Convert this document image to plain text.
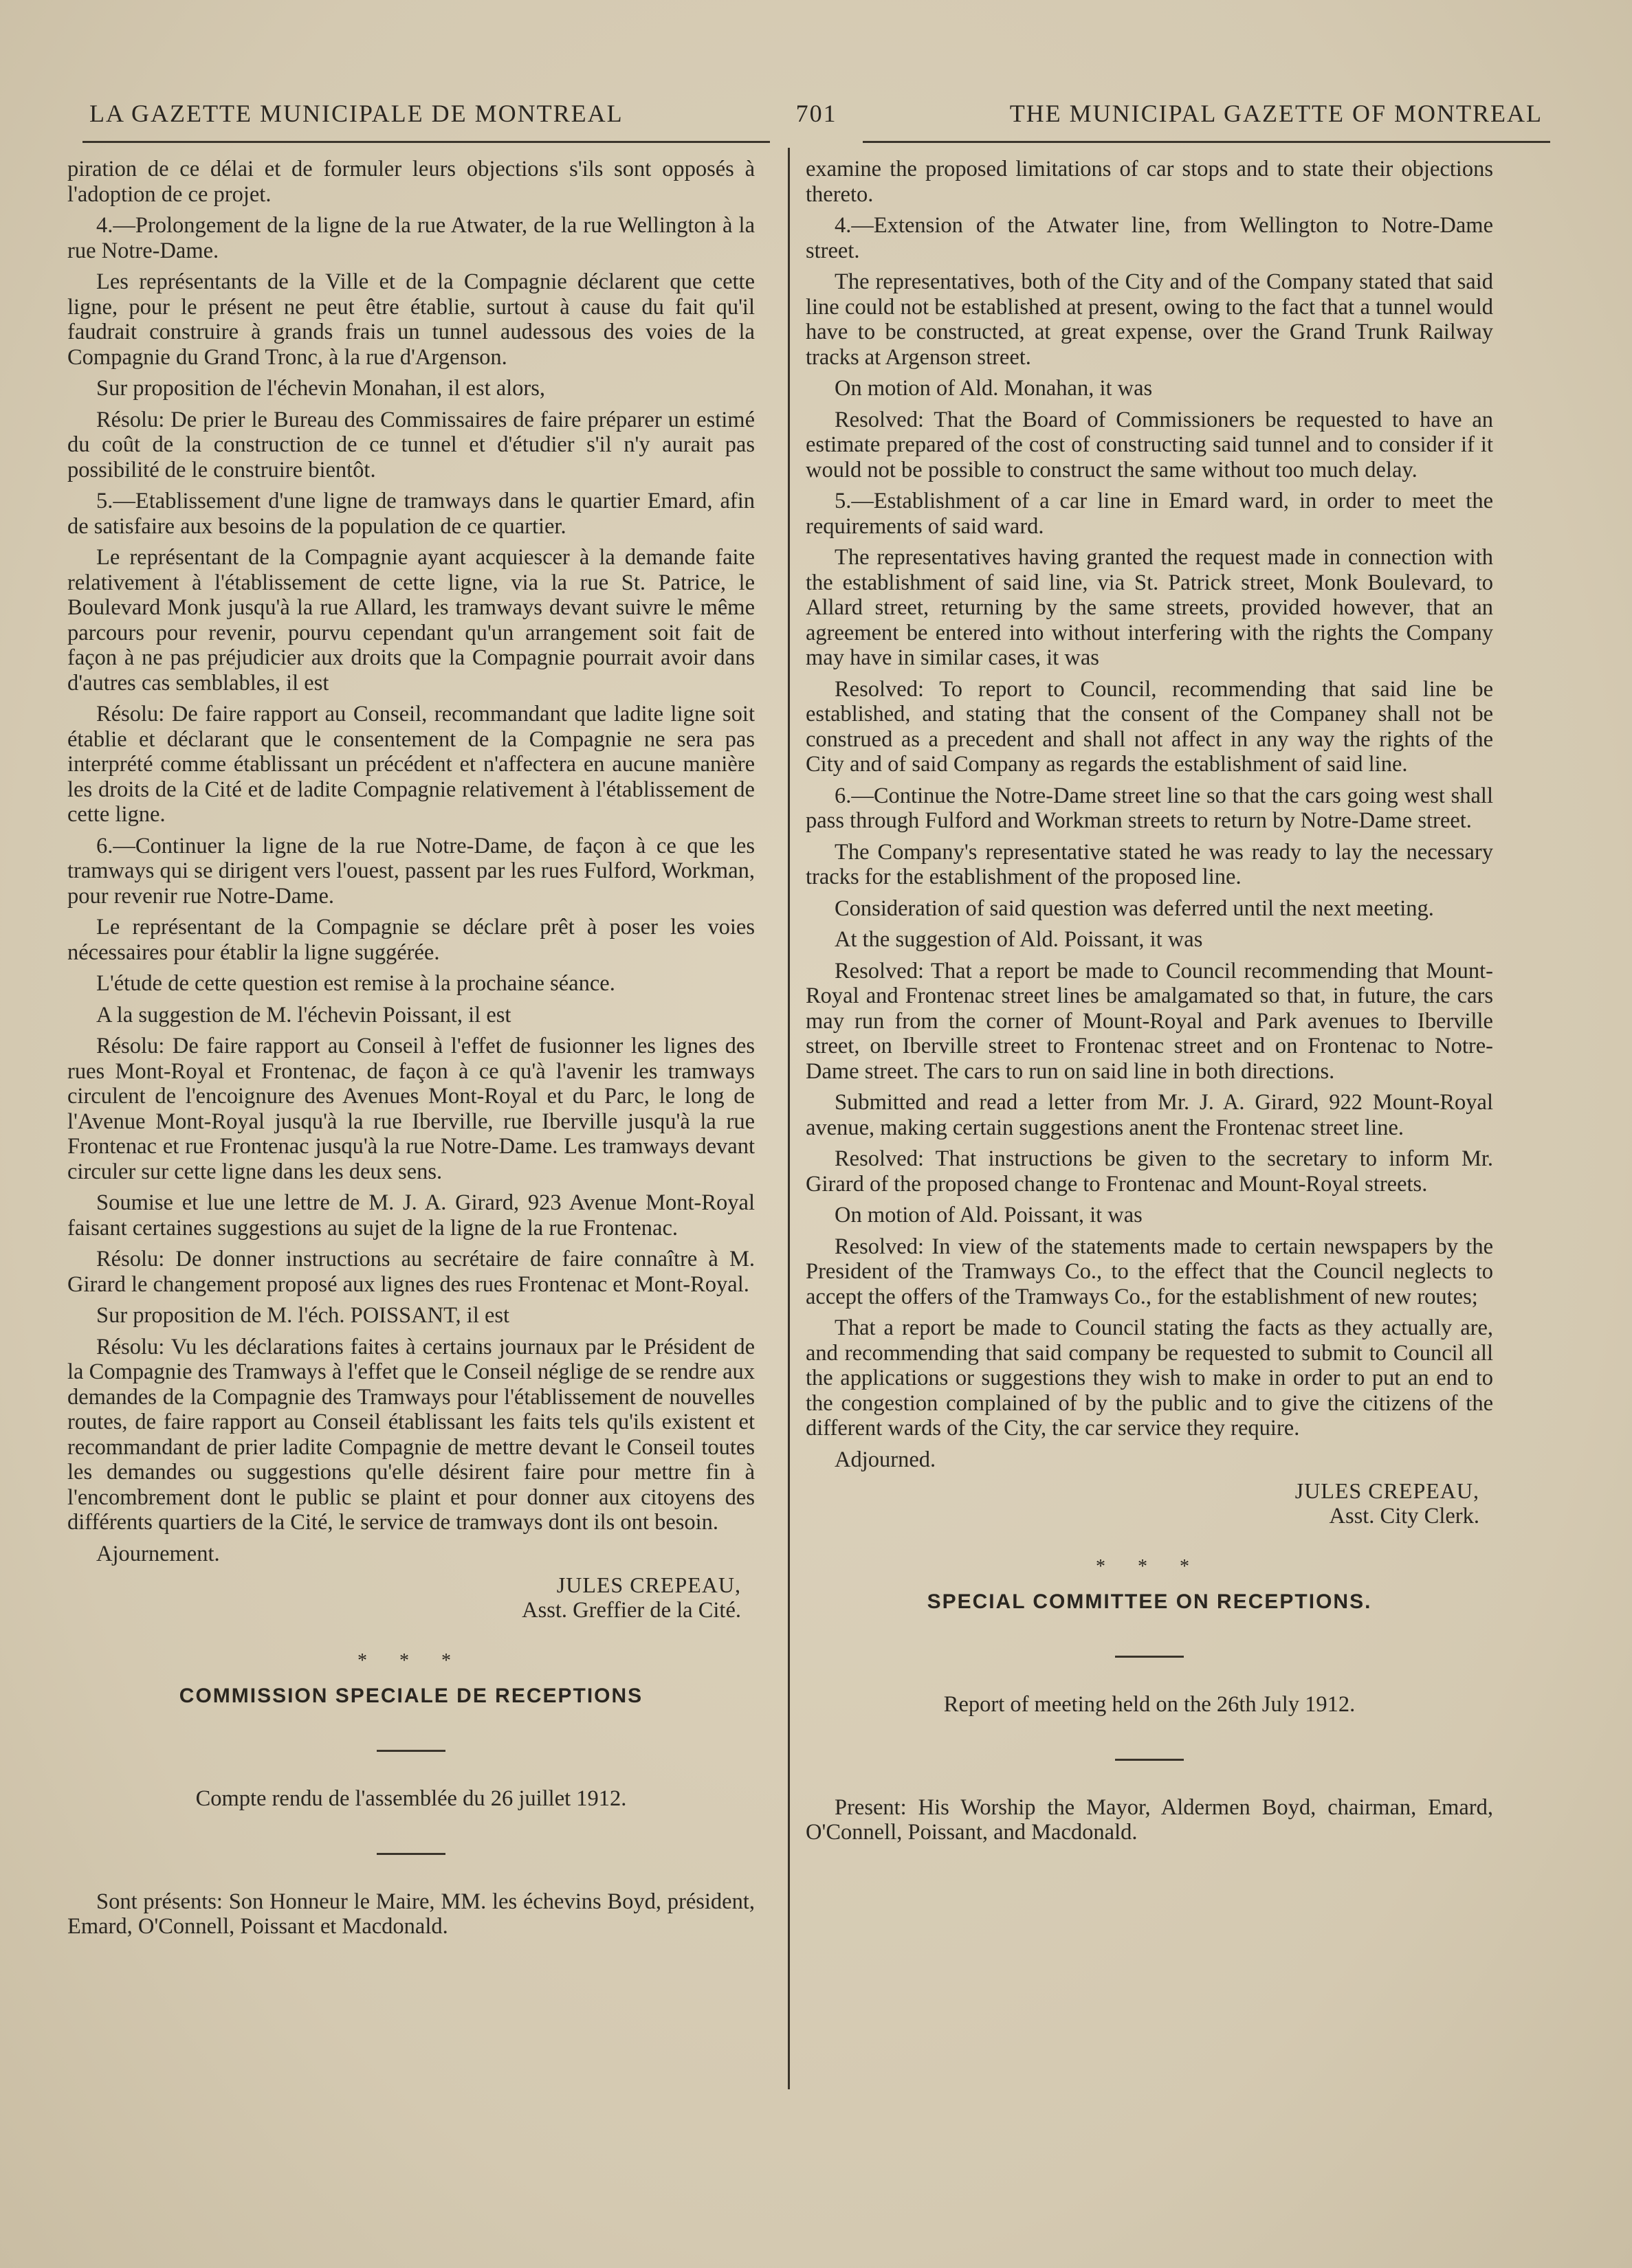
LA GAZETTE MUNICIPALE DE MONTREAL	701	THE MUNICIPAL GAZETTE OF MONTREAL

piration de ce délai et de formuler leurs objections s'ils sont opposés à l'adoption de ce projet.

4.—Prolongement de la ligne de la rue Atwater, de la rue Wellington à la rue Notre-Dame.

Les représentants de la Ville et de la Compagnie déclarent que cette ligne, pour le présent ne peut être établie, surtout à cause du fait qu'il faudrait construire à grands frais un tunnel audessous des voies de la Compagnie du Grand Tronc, à la rue d'Argenson.

Sur proposition de l'échevin Monahan, il est alors,

Résolu: De prier le Bureau des Commissaires de faire préparer un estimé du coût de la construction de ce tunnel et d'étudier s'il n'y aurait pas possibilité de le construire bientôt.

5.—Etablissement d'une ligne de tramways dans le quartier Emard, afin de satisfaire aux besoins de la population de ce quartier.

Le représentant de la Compagnie ayant acquiescer à la demande faite relativement à l'établissement de cette ligne, via la rue St. Patrice, le Boulevard Monk jusqu'à la rue Allard, les tramways devant suivre le même parcours pour revenir, pourvu cependant qu'un arrangement soit fait de façon à ne pas préjudicier aux droits que la Compagnie pourrait avoir dans d'autres cas semblables, il est

Résolu: De faire rapport au Conseil, recommandant que ladite ligne soit établie et déclarant que le consentement de la Compagnie ne sera pas interprété comme établissant un précédent et n'affectera en aucune manière les droits de la Cité et de ladite Compagnie relativement à l'établissement de cette ligne.

6.—Continuer la ligne de la rue Notre-Dame, de façon à ce que les tramways qui se dirigent vers l'ouest, passent par les rues Fulford, Workman, pour revenir rue Notre-Dame.

Le représentant de la Compagnie se déclare prêt à poser les voies nécessaires pour établir la ligne suggérée.

L'étude de cette question est remise à la prochaine séance.

A la suggestion de M. l'échevin Poissant, il est

Résolu: De faire rapport au Conseil à l'effet de fusionner les lignes des rues Mont-Royal et Frontenac, de façon à ce qu'à l'avenir les tramways circulent de l'encoignure des Avenues Mont-Royal et du Parc, le long de l'Avenue Mont-Royal jusqu'à la rue Iberville, rue Iberville jusqu'à la rue Frontenac et rue Frontenac jusqu'à la rue Notre-Dame. Les tramways devant circuler sur cette ligne dans les deux sens.

Soumise et lue une lettre de M. J. A. Girard, 923 Avenue Mont-Royal faisant certaines suggestions au sujet de la ligne de la rue Frontenac.

Résolu: De donner instructions au secrétaire de faire connaître à M. Girard le changement proposé aux lignes des rues Frontenac et Mont-Royal.

Sur proposition de M. l'éch. POISSANT, il est

Résolu: Vu les déclarations faites à certains journaux par le Président de la Compagnie des Tramways à l'effet que le Conseil néglige de se rendre aux demandes de la Compagnie des Tramways pour l'établissement de nouvelles routes, de faire rapport au Conseil établissant les faits tels qu'ils existent et recommandant de prier ladite Compagnie de mettre devant le Conseil toutes les demandes ou suggestions qu'elle désirent faire pour mettre fin à l'encombrement dont le public se plaint et pour donner aux citoyens des différents quartiers de la Cité, le service de tramways dont ils ont besoin.

Ajournement.

JULES CREPEAU,
Asst. Greffier de la Cité.
* * *
COMMISSION SPECIALE DE RECEPTIONS

Compte rendu de l'assemblée du 26 juillet 1912.

Sont présents: Son Honneur le Maire, MM. les échevins Boyd, président, Emard, O'Connell, Poissant et Macdonald.

examine the proposed limitations of car stops and to state their objections thereto.

4.—Extension of the Atwater line, from Wellington to Notre-Dame street.

The representatives, both of the City and of the Company stated that said line could not be established at present, owing to the fact that a tunnel would have to be constructed, at great expense, over the Grand Trunk Railway tracks at Argenson street.

On motion of Ald. Monahan, it was

Resolved: That the Board of Commissioners be requested to have an estimate prepared of the cost of constructing said tunnel and to consider if it would not be possible to construct the same without too much delay.

5.—Establishment of a car line in Emard ward, in order to meet the requirements of said ward.

The representatives having granted the request made in connection with the establishment of said line, via St. Patrick street, Monk Boulevard, to Allard street, returning by the same streets, provided however, that an agreement be entered into without interfering with the rights the Company may have in similar cases, it was

Resolved: To report to Council, recommending that said line be established, and stating that the consent of the Companey shall not be construed as a precedent and shall not affect in any way the rights of the City and of said Company as regards the establishment of said line.

6.—Continue the Notre-Dame street line so that the cars going west shall pass through Fulford and Workman streets to return by Notre-Dame street.

The Company's representative stated he was ready to lay the necessary tracks for the establishment of the proposed line.

Consideration of said question was deferred until the next meeting.

At the suggestion of Ald. Poissant, it was

Resolved: That a report be made to Council recommending that Mount-Royal and Frontenac street lines be amalgamated so that, in future, the cars may run from the corner of Mount-Royal and Park avenues to Iberville street, on Iberville street to Frontenac street and on Frontenac to Notre-Dame street. The cars to run on said line in both directions.

Submitted and read a letter from Mr. J. A. Girard, 922 Mount-Royal avenue, making certain suggestions anent the Frontenac street line.

Resolved: That instructions be given to the secretary to inform Mr. Girard of the proposed change to Frontenac and Mount-Royal streets.

On motion of Ald. Poissant, it was

Resolved: In view of the statements made to certain newspapers by the President of the Tramways Co., to the effect that the Council neglects to accept the offers of the Tramways Co., for the establishment of new routes;

That a report be made to Council stating the facts as they actually are, and recommending that said company be requested to submit to Council all the applications or suggestions they wish to make in order to put an end to the congestion complained of by the public and to give the citizens of the different wards of the City, the car service they require.

Adjourned.

JULES CREPEAU,
Asst. City Clerk.
* * *
SPECIAL COMMITTEE ON RECEPTIONS.

Report of meeting held on the 26th July 1912.

Present: His Worship the Mayor, Aldermen Boyd, chairman, Emard, O'Connell, Poissant, and Macdonald.
